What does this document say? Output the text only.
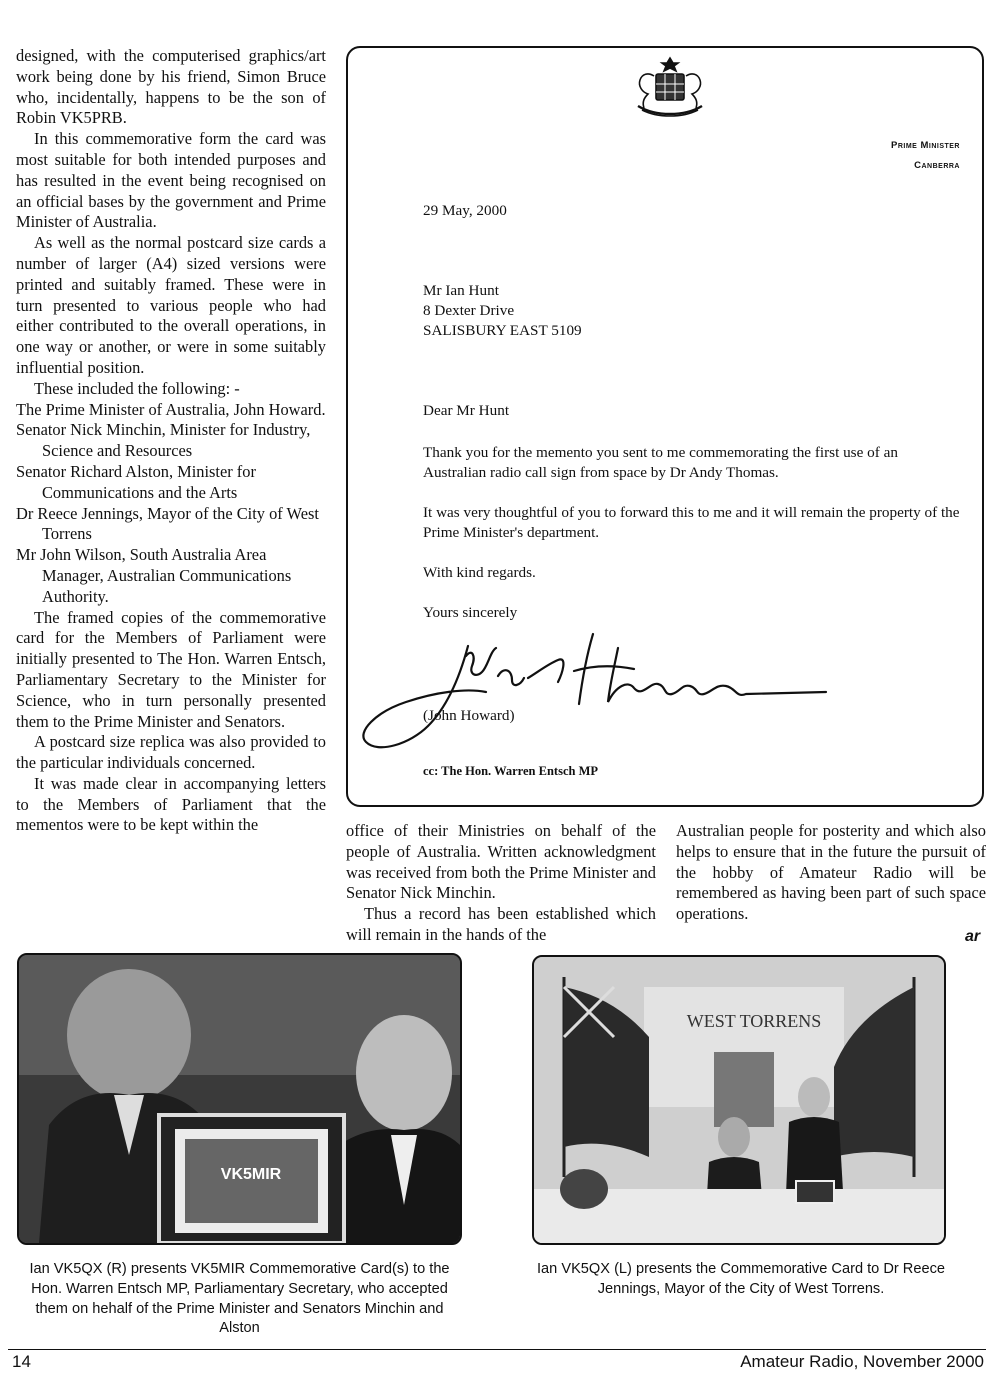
designed, with the computerised graphics/art work being done by his friend, Simon Bruce who, incidentally, happens to be the son of Robin VK5PRB.

In this commemorative form the card was most suitable for both intended purposes and has resulted in the event being recognised on an official bases by the government and Prime Minister of Australia.

As well as the normal postcard size cards a number of larger (A4) sized versions were printed and suitably framed. These were in turn presented to various people who had either contributed to the overall operations, in one way or another, or were in some suitably influential position.

These included the following: -

The Prime Minister of Australia, John Howard.
Senator Nick Minchin, Minister for Industry, Science and Resources
Senator Richard Alston, Minister for Communications and the Arts
Dr Reece Jennings, Mayor of the City of West Torrens
Mr John Wilson, South Australia Area Manager, Australian Communications Authority.

The framed copies of the commemorative card for the Members of Parliament were initially presented to The Hon. Warren Entsch, Parliamentary Secretary to the Minister for Science, who in turn personally presented them to the Prime Minister and Senators.

A postcard size replica was also provided to the particular individuals concerned.

It was made clear in accompanying letters to the Members of Parliament that the mementos were to be kept within the

Prime Minister
Canberra
29 May, 2000
Mr Ian Hunt
8 Dexter Drive
SALISBURY EAST 5109
Dear Mr Hunt
Thank you for the memento you sent to me commemorating the first use of an Australian radio call sign from space by Dr Andy Thomas.
It was very thoughtful of you to forward this to me and it will remain the property of the Prime Minister's department.
With kind regards.
Yours sincerely
(John Howard)
cc: The Hon. Warren Entsch MP

office of their Ministries on behalf of the people of Australia. Written acknowledgment was received from both the Prime Minister and Senator Nick Minchin.

Thus a record has been established which will remain in the hands of the

Australian people for posterity and which also helps to ensure that in the future the pursuit of the hobby of Amateur Radio will be remembered as having been part of such space operations.

ar
VK5MIR
WEST TORRENS
Ian VK5QX (R) presents VK5MIR Commemorative Card(s) to the Hon. Warren Entsch MP, Parliamentary Secretary, who accepted them on hehalf of the Prime Minister and Senators Minchin and Alston
Ian VK5QX (L) presents the Commemorative Card to Dr Reece Jennings, Mayor of the City of West Torrens.
14	Amateur Radio, November 2000
